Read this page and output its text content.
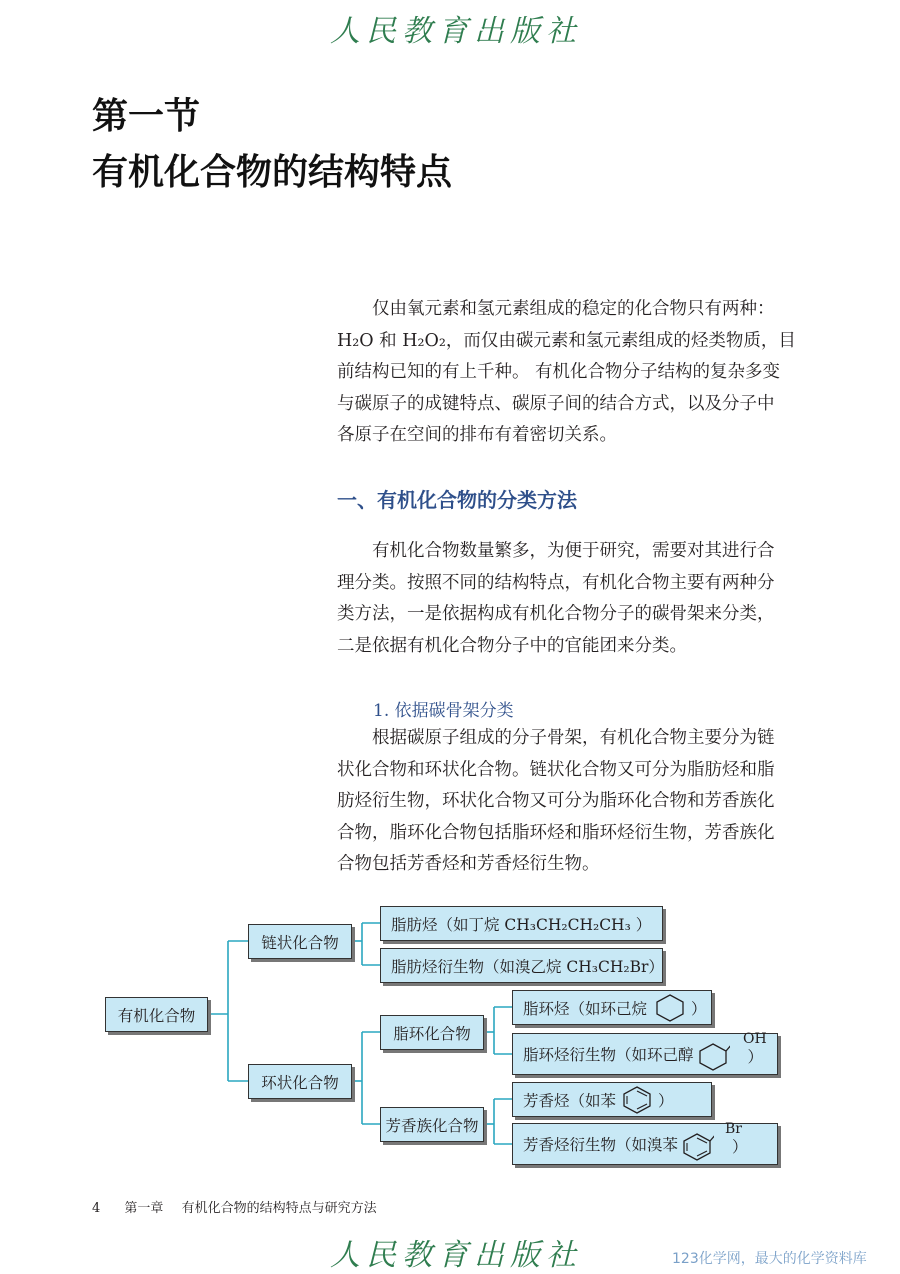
人民教育出版社
第一节
有机化合物的结构特点

仅由氧元素和氢元素组成的稳定的化合物只有两种：

H₂O 和 H₂O₂，而仅由碳元素和氢元素组成的烃类物质，目

前结构已知的有上千种。 有机化合物分子结构的复杂多变

与碳原子的成键特点、碳原子间的结合方式，以及分子中

各原子在空间的排布有着密切关系。

一、有机化合物的分类方法

有机化合物数量繁多，为便于研究，需要对其进行合

理分类。按照不同的结构特点，有机化合物主要有两种分

类方法，一是依据构成有机化合物分子的碳骨架来分类，

二是依据有机化合物分子中的官能团来分类。

1. 依据碳骨架分类

根据碳原子组成的分子骨架，有机化合物主要分为链

状化合物和环状化合物。链状化合物又可分为脂肪烃和脂

肪烃衍生物，环状化合物又可分为脂环化合物和芳香族化

合物，脂环化合物包括脂环烃和脂环烃衍生物，芳香族化

合物包括芳香烃和芳香烃衍生物。

有机化合物
链状化合物
环状化合物
脂肪烃（如丁烷 CH₃CH₂CH₂CH₃ ）
脂肪烃衍生物（如溴乙烷 CH₃CH₂Br）
脂环化合物
芳香族化合物
脂环烃（如环己烷	）
脂环烃衍生物（如环己醇
OH
）
芳香烃（如苯	）
芳香烃衍生物（如溴苯
Br
）
4 第一章 有机化合物的结构特点与研究方法
人民教育出版社	123化学网，最大的化学资料库
